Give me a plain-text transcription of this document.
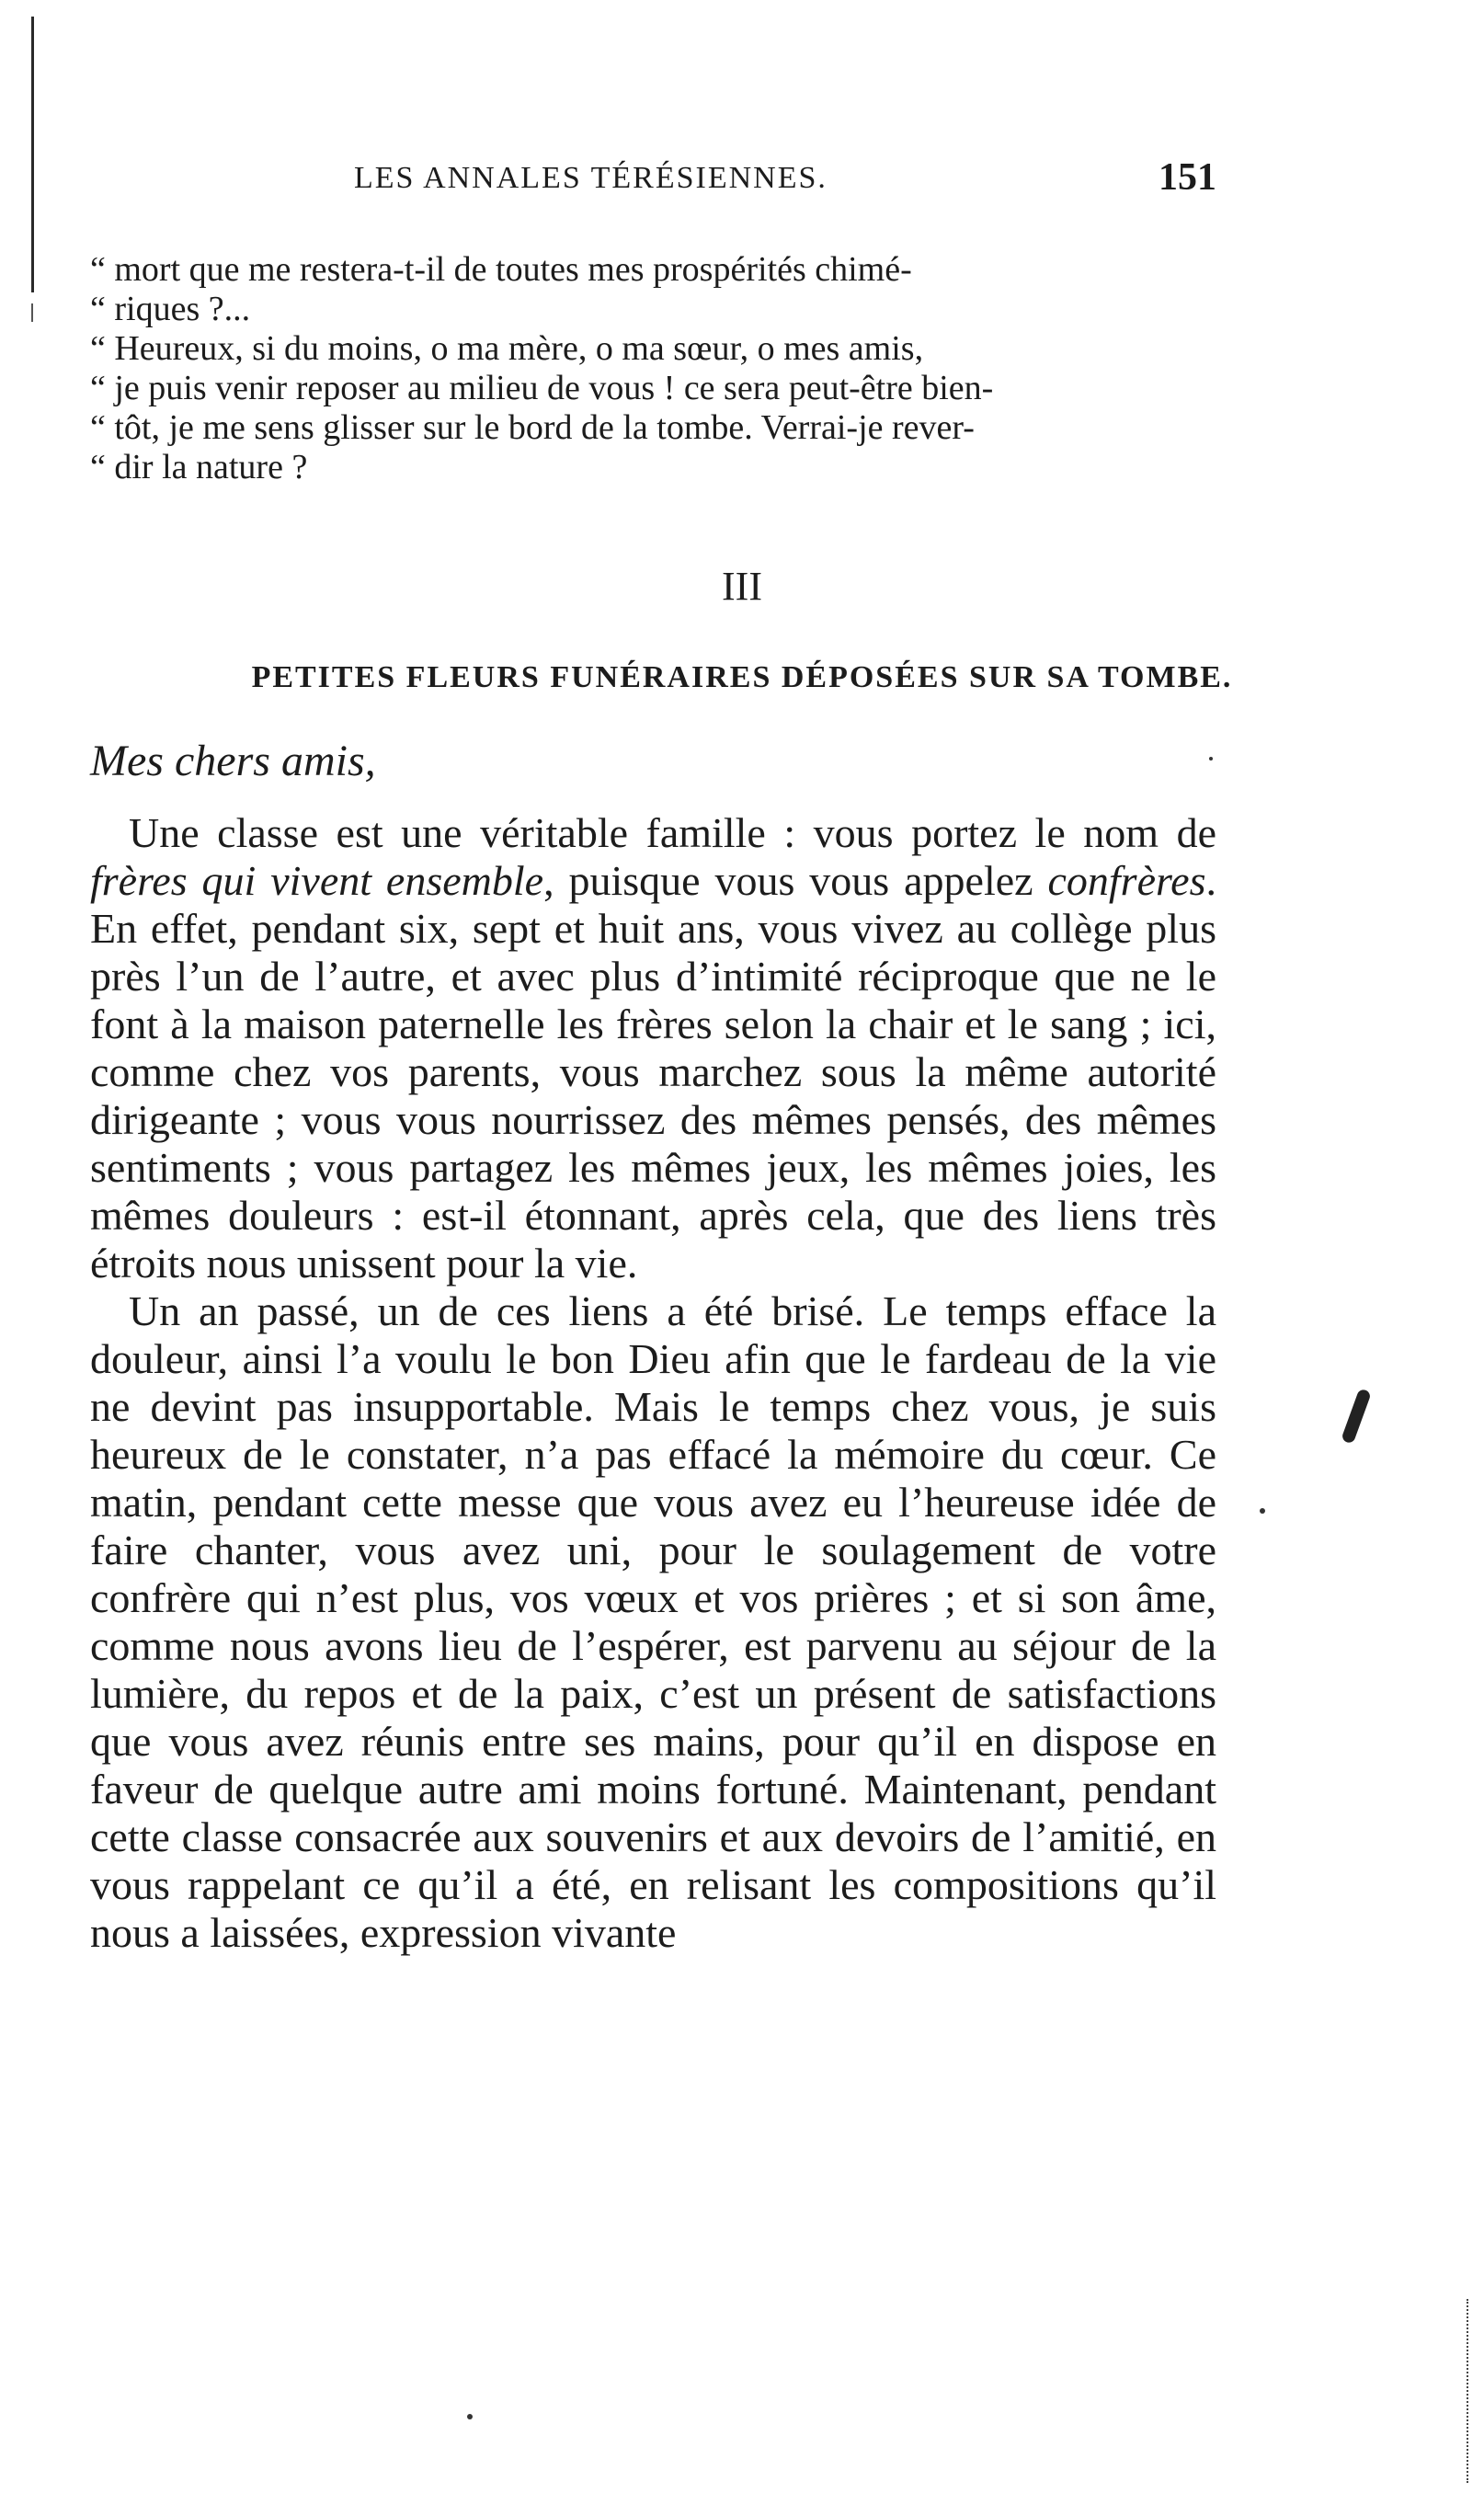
LES ANNALES TÉRÉSIENNES.	151
“ mort que me restera-t-il de toutes mes prospérités chimé-
“ riques ?...
“ Heureux, si du moins, o ma mère, o ma sœur, o mes amis,
“ je puis venir reposer au milieu de vous ! ce sera peut-être bien-
“ tôt, je me sens glisser sur le bord de la tombe. Verrai-je rever-
“ dir la nature ?
III
PETITES FLEURS FUNÉRAIRES DÉPOSÉES SUR SA TOMBE.
Mes chers amis,

Une classe est une véritable famille : vous portez le nom de frères qui vivent ensemble, puisque vous vous appelez confrères. En effet, pendant six, sept et huit ans, vous vivez au collège plus près l’un de l’autre, et avec plus d’intimité réciproque que ne le font à la maison paternelle les frères selon la chair et le sang ; ici, comme chez vos parents, vous marchez sous la même autorité dirigeante ; vous vous nourrissez des mêmes pensés, des mêmes sentiments ; vous partagez les mêmes jeux, les mêmes joies, les mêmes douleurs : est-il étonnant, après cela, que des liens très étroits nous unissent pour la vie.

Un an passé, un de ces liens a été brisé. Le temps efface la douleur, ainsi l’a voulu le bon Dieu afin que le fardeau de la vie ne devint pas insupportable. Mais le temps chez vous, je suis heureux de le constater, n’a pas effacé la mémoire du cœur. Ce matin, pendant cette messe que vous avez eu l’heureuse idée de faire chanter, vous avez uni, pour le soulagement de votre confrère qui n’est plus, vos vœux et vos prières ; et si son âme, comme nous avons lieu de l’espérer, est parvenu au séjour de la lumière, du repos et de la paix, c’est un présent de satisfactions que vous avez réunis entre ses mains, pour qu’il en dispose en faveur de quelque autre ami moins fortuné. Maintenant, pendant cette classe consacrée aux souvenirs et aux devoirs de l’amitié, en vous rappelant ce qu’il a été, en relisant les compositions qu’il nous a laissées, expression vivante
